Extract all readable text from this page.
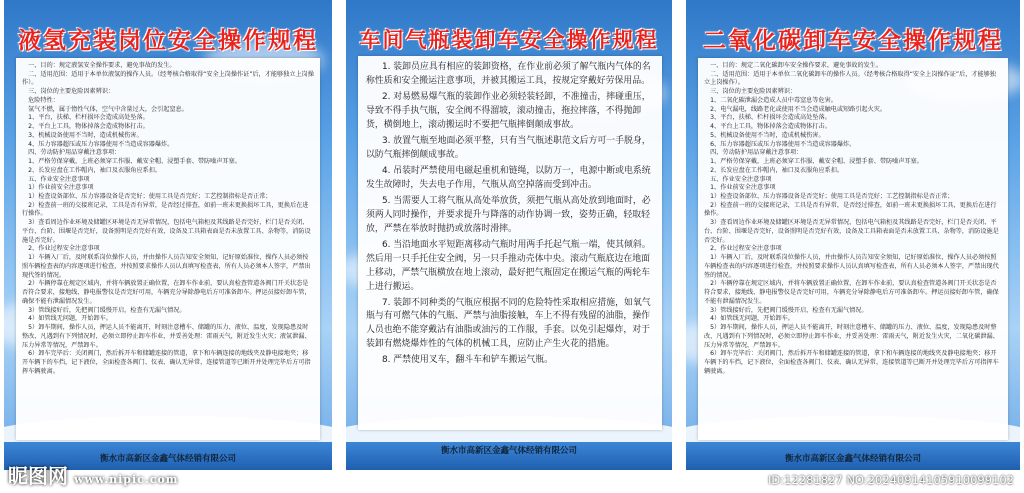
液氢充装岗位安全操作规程
一、目的：规定液氢安全操作要求，避免事故的发生。
二、适用范围：适用于本单位液氢的操作人员。（经考核合格取得“安全上岗操作证”后，才能够独立上岗操作）。
三、岗位的主要危险因素辨识：
危险特性：
氩气不燃，属于惰性气体，空气中含量过大，会引起窒息。
1、平台，扶梯、栏杆损坏会造成高处坠落。
2、平台上工具，物体掉落会造成物体打击。
3、机械设备使用不当时，造成机械伤害。
4、压力容器超压或压力容器使用不当造成容器爆炸。
四、劳动防护用品穿戴注意事项：
1、严格劳保穿戴，上班必须穿工作服、戴安全帽、浸塑手套、带防噪声耳塞。
2、长发应盘在工作帽内，袖口及衣服角应系扣。
五、作业安全注意事项
1）作业前安全注意事项
1）检查设备部位、压力容器设备是否完好；使用工具是否完好；工艺控制指标是否正常；
2）检查前一班的交接班记录，工具是否有异常，是否经过排查，如前一班未更换损坏工具，更换后在进行操作。
3）查看周边作业环境及储罐区环境是否无异常情况，包括电气箱柜及其线路是否完好，栏门是否关闭、平台、台阶、围堰是否完好，设备照明是否完好有效，设备及工具箱表面是否未放置工具、杂物等，消防设施是否完好。
2、作业过程安全注意事项
1）车辆入厂后，及时联系岗位操作人员，并由操作人员告知安全须知，记好原始准位，操作人员必须按照车辆检查表的内容逐项进行检查，并按照要求操作人员认真填写检查表，所有人员必须本人签字，严禁出现代签的情况。
2）车辆停靠在规定区域内，并将车辆放置正确位置，在卸车作业前，要认真检查管道各阀门开关状态是否符合要求，接地线、静电报警仪是否完好可用，车辆充分导除静电后方可准备卸车。押运员接好卸车管，确保不能有泄漏情况发生。
3）管线接好后，先把阀门缓慢开启，检查有无漏气情况。
4）如管线无问题，开始卸车。
5）卸车期间，操作人员，押运人员不能离开，时刻注意槽车、储罐的压力、液位、温度，发现隐患及时整改，凡遇到有下列情况时，必须立即停止卸车作业，并妥善处理：雷雨天气，附近发生火灾；液氩泄漏、压力异常等情况，严禁卸车。
6）卸车完毕后：关闭阀门，然后拆开车和储罐连接的管道，拿下和车辆连接的地线夹及静电接地夹；移开车辆下的车挡，记下液位，全面检查各阀门、仪表、确认无异常，连接管道等已断开并处理完毕后方可指挥车辆驶离。
衡水市高新区金鑫气体经销有限公司
车间气瓶装卸车安全操作规程
1. 装卸员应具有相应的装卸资格，在作业前必须了解气瓶内气体的名称性质和安全搬运注意事项，并被其搬运工具，按规定穿戴好劳保用品。
2. 对易燃易爆气瓶的装卸作业必须轻装轻卸，不准撞击，摔碰重压，导致不得手执气瓶，安全阀不得溜坡，滚动撞击，拖拉摔落，不得抛卸货，横倒地上，滚动搬运时不要把气瓶摔倒颠成事故。
3. 放置气瓶至地面必须平整，只有当气瓶述职范文后方可一手脱身，以防气瓶摔倒颠成事故。
4. 吊装时严禁使用电磁起重机和链绳，以防万一，电源中断或电系统发生故障时，失去电子作用，气瓶从高空掉落而受到冲击。
5. 当需要人工将气瓶从高处举放货，须把气瓶从高处放到地面时，必须两人同时操作，并要求提升与降落的动作协调一致，姿势正确，轻取轻放，严禁在举放时抛扔或放落时滑摔。
6. 当沿地面水平短距离移动气瓶时用两手托起气瓶一端，使其倾斜。然后用一只手托住安全阀，另一只手推动壳体中央。滚动气瓶底边在地面上移动，严禁气瓶横放在地上滚动，最好把气瓶固定在搬运气瓶的两轮车上进行搬运。
7. 装卸不同种类的气瓶应根据不同的危险特性采取相应措施，如氧气瓶与有可燃气体的气瓶、严禁与油脂接触，车上不得有残留的油脂，操作人员也绝不能穿戴沾有油脂或油污的工作服，手套。以免引起爆炸，对于装卸有燃烧爆炸性的气体的机械工具，应防止产生火花的措施。
8. 严禁使用叉车，翻斗车和铲车搬运气瓶。
衡水市高新区金鑫气体经销有限公司
二氧化碳卸车安全操作规程
一、目的：规定二氧化碳卸车安全操作要求，避免事故的发生。
二、适用范围：适用于本单位二氧化碳卸车的操作人员。（经考核合格取得“安全上岗操作证”后，才能够独立上岗操作）。
三、岗位的主要危险因素辨识：
1、二氧化碳泄漏会造成人员中毒窒息等危害。
2、电气漏电，线路老化或使用不当会造成触电或短路引起火灾。
3、平台，扶梯、栏杆损坏会造成高处坠落。
4、平台上工具，物体掉落会造成物体打击。
5、机械设备使用不当时，造成机械伤害。
6、压力容器超压或压力容器使用不当造成容器爆炸。
四、劳动防护用品穿戴注意事项：
1、严格劳保穿戴，上班必须穿工作服、戴安全帽、浸塑手套、带防噪声耳塞。
2、长发应盘在工作帽内，袖口及衣服角应系扣。
五、作业安全注意事项
1、作业前安全注意事项
1）检查设备部位、压力容器设备是否完好；使用工具是否完好；工艺控制指标是否正常；
2）检查前一班的交接班记录，工具是否有异常，是否经过排查，如前一班未更换损坏工具，更换后在进行操作。
3）查看周边作业环境及储罐区环境是否无异常情况，包括电气箱柜及其线路是否完好，栏门是否关闭、平台、台阶、围堰是否完好，设备照明是否完好有效，设备及工具箱表面是否未放置工具、杂物等，消防设施是否完好。
2、作业过程安全注意事项
1）车辆入厂后，及时联系岗位操作人员，并由操作人员告知安全须知，记好原始准位，操作人员必须按照车辆检查表的内容逐项进行检查，并按照要求操作人员认真填写检查表，所有人员必须本人签字，严禁出现代签的情况。
2）车辆停靠在规定区域内，并将车辆放置正确位置，在卸车作业前，要认真检查管道各阀门开关状态是否符合要求，接地线、静电报警仪是否完好可用，车辆充分导除静电后方可准备卸车。押运员接好卸车管，确保不能有泄漏情况发生。
3）管线接好后，先把阀门缓慢开启，检查有无漏气情况。
4）如管线无问题，开始卸车。
5）卸车期间，操作人员，押运人员不能离开，时刻注意槽车、储罐的压力、液位、温度，发现隐患及时整改，凡遇到有下列情况时，必须立即停止卸车作业，并妥善处理：雷雨天气，附近发生火灾，二氧化碳泄漏、压力异常等情况，严禁卸车。
6）卸车完毕后：关闭阀门，然后拆开车和储罐连接的管道，拿下和车辆连接的地线夹及静电接地夹；移开车辆下的车挡，记下液位，全面检查各阀门、仪表、确认无异常，连接管道等已断开并处理完毕后方可指挥车辆驶离。
衡水市高新区金鑫气体经销有限公司
昵图网 www.nipic.com	ID:12281827 NO:20240914105910099102
